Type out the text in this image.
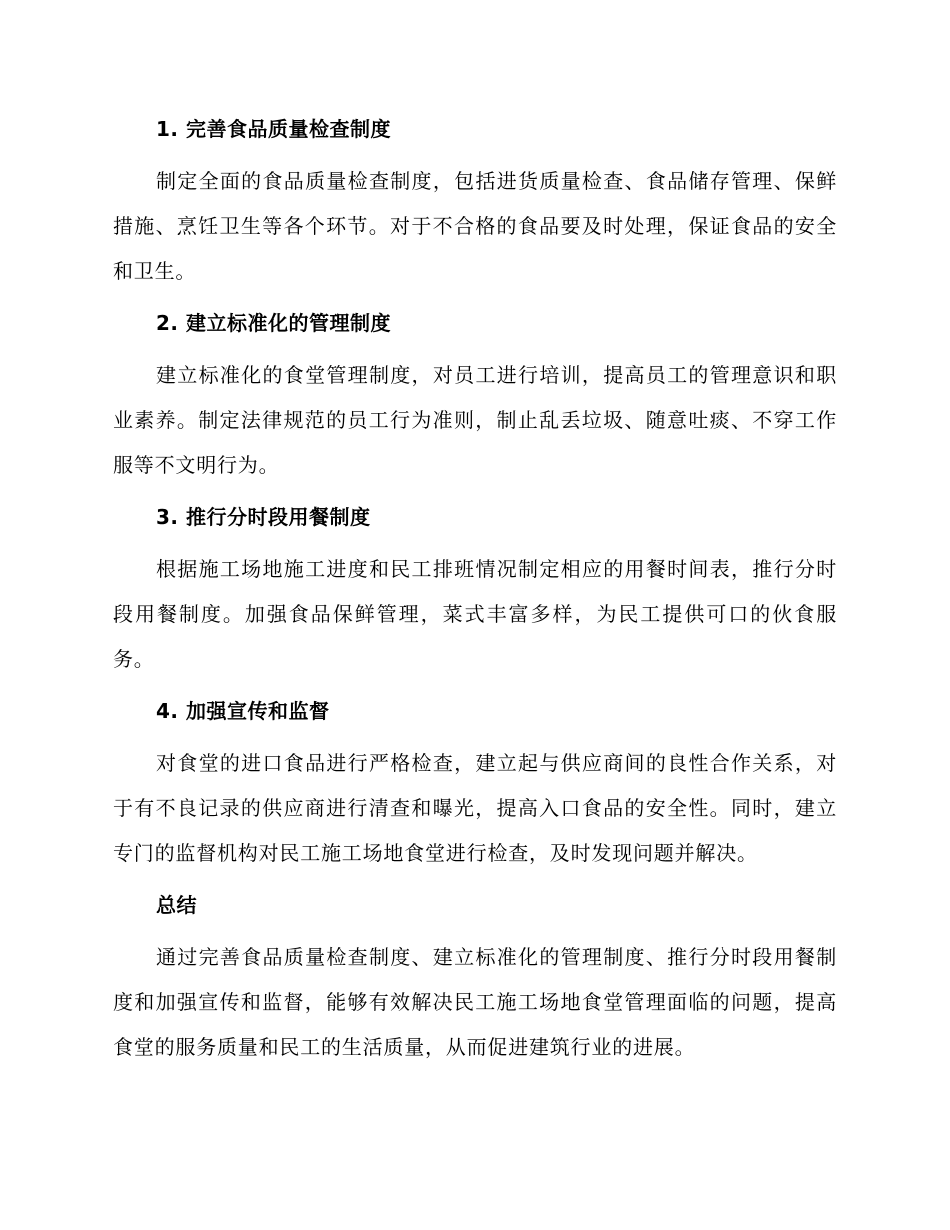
1. 完善食品质量检查制度

制定全面的食品质量检查制度，包括进货质量检查、食品储存管理、保鲜措施、烹饪卫生等各个环节。对于不合格的食品要及时处理，保证食品的安全和卫生。

2. 建立标准化的管理制度

建立标准化的食堂管理制度，对员工进行培训，提高员工的管理意识和职业素养。制定法律规范的员工行为准则，制止乱丢垃圾、随意吐痰、不穿工作服等不文明行为。

3. 推行分时段用餐制度

根据施工场地施工进度和民工排班情况制定相应的用餐时间表，推行分时段用餐制度。加强食品保鲜管理，菜式丰富多样，为民工提供可口的伙食服务。

4. 加强宣传和监督

对食堂的进口食品进行严格检查，建立起与供应商间的良性合作关系，对于有不良记录的供应商进行清查和曝光，提高入口食品的安全性。同时，建立专门的监督机构对民工施工场地食堂进行检查，及时发现问题并解决。

总结

通过完善食品质量检查制度、建立标准化的管理制度、推行分时段用餐制度和加强宣传和监督，能够有效解决民工施工场地食堂管理面临的问题，提高食堂的服务质量和民工的生活质量，从而促进建筑行业的进展。
